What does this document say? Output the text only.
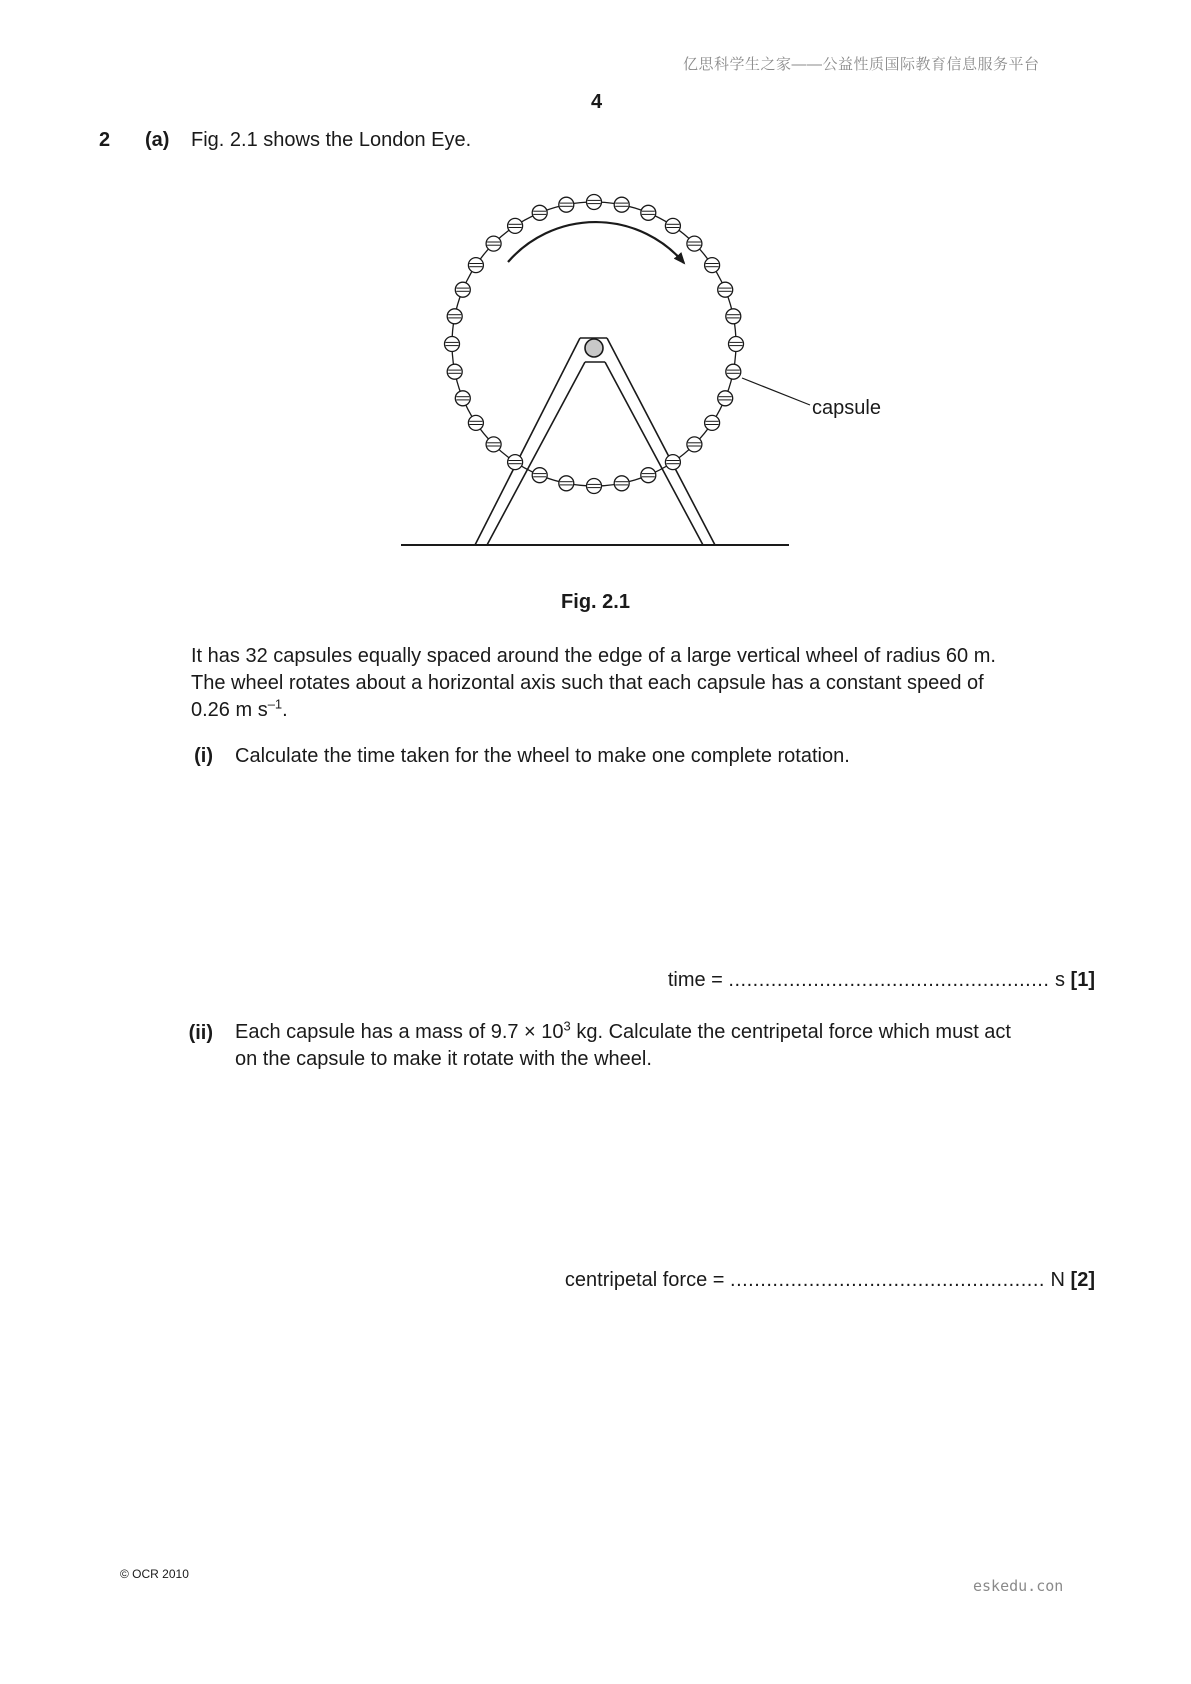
亿思科学生之家——公益性质国际教育信息服务平台
4
2 (a) Fig. 2.1 shows the London Eye.
capsule
Fig. 2.1
It has 32 capsules equally spaced around the edge of a large vertical wheel of radius 60 m.
The wheel rotates about a horizontal axis such that each capsule has a constant speed of
0.26 m $s^{-1}$.
(i) Calculate the time taken for the wheel to make one complete rotation.
time = ..................................................... s [1]
(ii) Each capsule has a mass of $9.7 \times 10^3$ kg. Calculate the centripetal force which must act
on the capsule to make it rotate with the wheel.
centripetal force = .................................................... N [2]
© OCR 2010
eskedu.con
